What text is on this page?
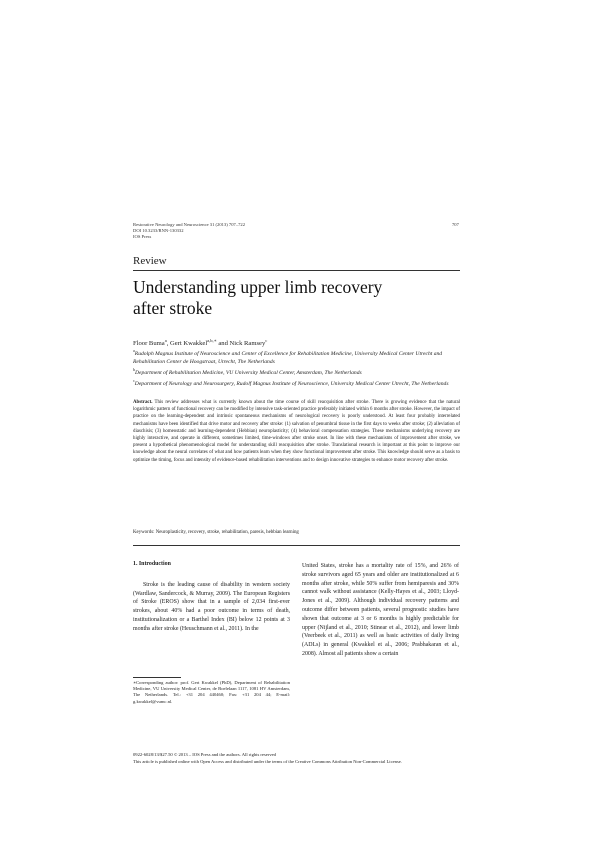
Restorative Neurology and Neuroscience 31 (2013) 707–722
DOI 10.3233/RNN-130332
IOS Press
707
Review
Understanding upper limb recovery
after stroke
Floor Buma$^a$, Gert Kwakkel$^{a,b,∗}$ and Nick Ramsey$^c$
$^a$Rudolph Magnus Institute of Neuroscience and Center of Excellence for Rehabilitation Medicine, University Medical Center Utrecht and Rehabilitation Center de Hoogstraat, Utrecht, The Netherlands
$^b$Department of Rehabilitation Medicine, VU University Medical Center, Amsterdam, The Netherlands
$^c$Department of Neurology and Neurosurgery, Rudolf Magnus Institute of Neuroscience, University Medical Center Utrecht, The Netherlands
Abstract. This review addresses what is currently known about the time course of skill reacquisition after stroke. There is growing evidence that the natural logarithmic pattern of functional recovery can be modified by intensive task-oriented practice preferably initiated within 6 months after stroke. However, the impact of practice on the learning-dependent and intrinsic spontaneous mechanisms of neurological recovery is poorly understood. At least four probably interrelated mechanisms have been identified that drive motor and recovery after stroke: (1) salvation of penumbral tissue in the first days to weeks after stroke; (2) alleviation of diaschisis; (3) homeostatic and learning-dependent (Hebbian) neuroplasticity; (4) behavioral compensation strategies. These mechanisms underlying recovery are highly interactive, and operate in different, sometimes limited, time-windows after stroke onset. In line with these mechanisms of improvement after stroke, we present a hypothetical phenomenological model for understanding skill reacquisition after stroke. Translational research is important at this point to improve our knowledge about the neural correlates of what and how patients learn when they show functional improvement after stroke. This knowledge should serve as a basis to optimize the timing, focus and intensity of evidence-based rehabilitation interventions and to design innovative strategies to enhance motor recovery after stroke.
Keywords: Neuroplasticity, recovery, stroke, rehabilitation, paresis, hebbian learning
1. Introduction

Stroke is the leading cause of disability in western society (Wardlaw, Sandercock, & Murray, 2009). The European Registers of Stroke (EROS) show that in a sample of 2,034 first-ever strokes, about 40% had a poor outcome in terms of death, institutionalization or a Barthel Index (BI) below 12 points at 3 months after stroke (Heuschmann et al., 2011). In the

United States, stroke has a mortality rate of 15%, and 26% of stroke survivors aged 65 years and older are institutionalized at 6 months after stroke, while 50% suffer from hemiparesis and 30% cannot walk without assistance (Kelly-Hayes et al., 2003; Lloyd-Jones et al., 2009). Although individual recovery patterns and outcome differ between patients, several prognostic studies have shown that outcome at 3 or 6 months is highly predictable for upper (Nijland et al., 2010; Stinear et al., 2012), and lower limb (Veerbeek et al., 2011) as well as basic activities of daily living (ADLs) in general (Kwakkel et al., 2006; Prabhakaran et al., 2008). Almost all patients show a certain

∗Corresponding author: prof. Gert Kwakkel (PhD), Department of Rehabilitation Medicine, VU University Medical Center, de Boelelaan 1117, 1081 HV Amsterdam, The Netherlands. Tel.: +31 204 440460; Fax: +31 204 44; E-mail: g.kwakkel@vumc.nl.
0922-6028/13/$27.50 © 2013 – IOS Press and the authors. All rights reserved
This article is published online with Open Access and distributed under the terms of the Creative Commons Attribution Non-Commercial License.
